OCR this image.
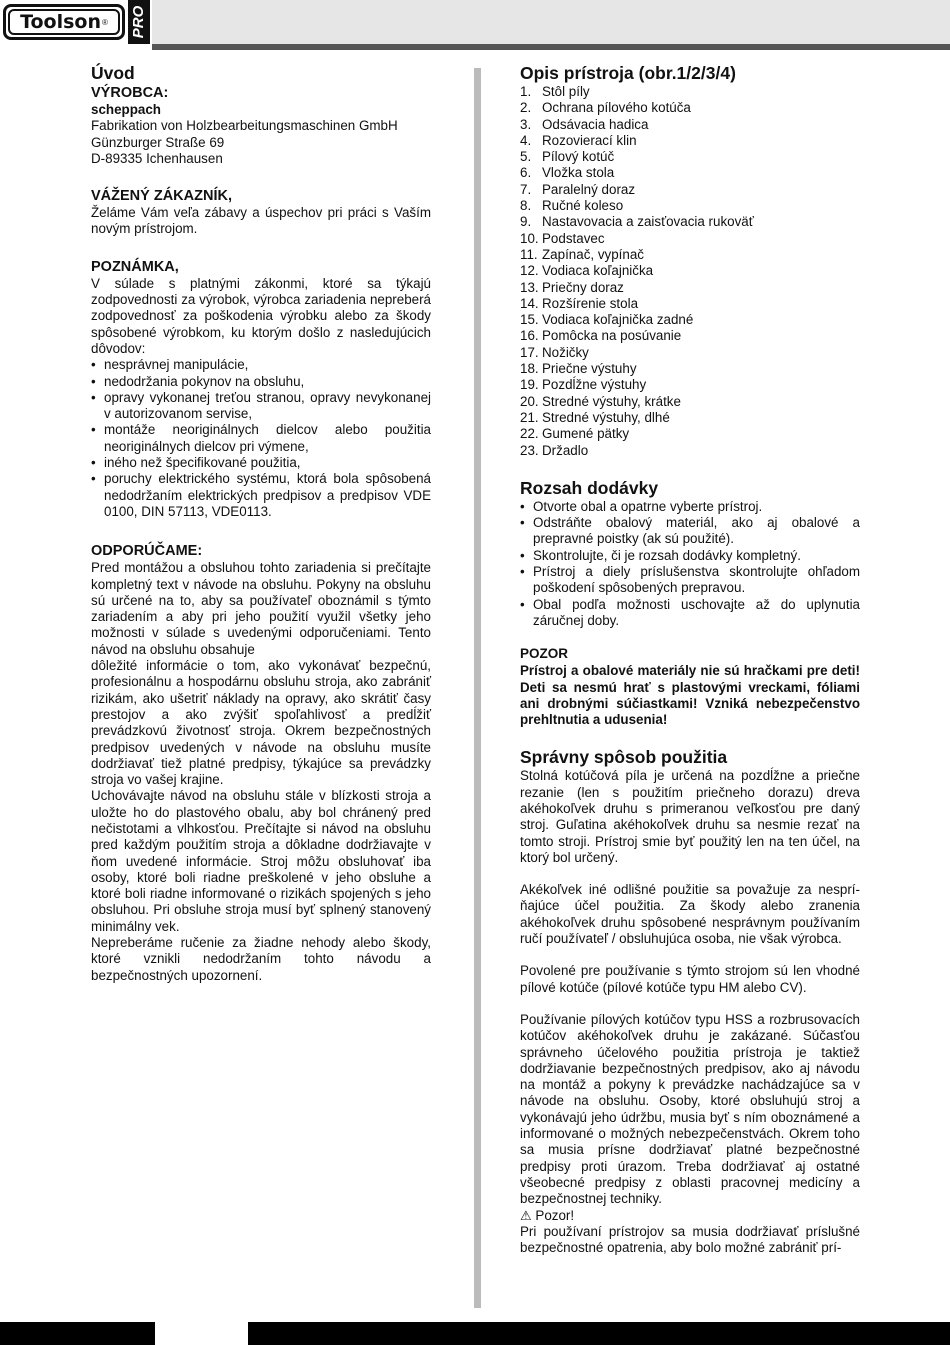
Toolson ® PRO
Úvod
VÝROBCA:
scheppach
Fabrikation von Holzbearbeitungsmaschinen GmbH
Günzburger Straße 69
D-89335 Ichenhausen
VÁŽENÝ ZÁKAZNÍK,

Želáme Vám veľa zábavy a úspechov pri práci s Vaším novým prístrojom.

POZNÁMKA,

V súlade s platnými zákonmi, ktoré sa týkajú zodpovednosti za výrobok, výrobca zariadenia nepreberá zodpovednosť za poškodenia výrobku alebo za škody spôsobené výrobkom, ku ktorým došlo z nasledujúcich dôvodov:

• nesprávnej manipulácie,
• nedodržania pokynov na obsluhu,
• opravy vykonanej treťou stranou, opravy nevykonanej v autorizovanom servise,
• montáže neoriginálnych dielcov alebo použitia neoriginálnych dielcov pri výmene,
• iného než špecifikované použitia,
• poruchy elektrického systému, ktorá bola spôsobená nedodržaním elektrických predpisov a predpisov VDE 0100, DIN 57113, VDE0113.
ODPORÚČAME:

Pred montážou a obsluhou tohto zariadenia si prečítajte kompletný text v návode na obsluhu. Pokyny na obsluhu sú určené na to, aby sa používateľ oboznámil s týmto zariadením a aby pri jeho použití využil všetky jeho možnosti v súlade s uvedenými odporučeniami. Tento návod na obsluhu obsahuje

dôležité informácie o tom, ako vykonávať bezpečnú, profesionálnu a hospodárnu obsluhu stroja, ako zabrániť rizikám, ako ušetriť náklady na opravy, ako skrátiť časy prestojov a ako zvýšiť spoľahlivosť a predĺžiť prevádzkovú životnosť stroja. Okrem bezpečnostných predpisov uvedených v návode na obsluhu musíte dodržiavať tiež platné predpisy, týkajúce sa prevádzky stroja vo vašej krajine.

Uchovávajte návod na obsluhu stále v blízkosti stroja a uložte ho do plastového obalu, aby bol chránený pred nečistotami a vlhkosťou. Prečítajte si návod na obsluhu pred každým použitím stroja a dôkladne dodržiavajte v ňom uvedené informácie. Stroj môžu obsluhovať iba osoby, ktoré boli riadne preškolené v jeho obsluhe a ktoré boli riadne informované o rizikách spojených s jeho obsluhou. Pri obsluhe stroja musí byť splnený stanovený minimálny vek.

Nepreberáme ručenie za žiadne nehody alebo škody, ktoré vznikli nedodržaním tohto návodu a bezpečnostných upozornení.

Opis prístroja (obr.1/2/3/4)
1. Stôl píly
2. Ochrana pílového kotúča
3. Odsávacia hadica
4. Rozovierací klin
5. Pílový kotúč
6. Vložka stola
7. Paralelný doraz
8. Ručné koleso
9. Nastavovacia a zaisťovacia rukoväť
10. Podstavec
11. Zapínač, vypínač
12. Vodiaca koľajnička
13. Priečny doraz
14. Rozšírenie stola
15. Vodiaca koľajnička zadné
16. Pomôcka na posúvanie
17. Nožičky
18. Priečne výstuhy
19. Pozdĺžne výstuhy
20. Stredné výstuhy, krátke
21. Stredné výstuhy, dlhé
22. Gumené pätky
23. Držadlo
Rozsah dodávky
• Otvorte obal a opatrne vyberte prístroj.
• Odstráňte obalový materiál, ako aj obalové a prepravné poistky (ak sú použité).
• Skontrolujte, či je rozsah dodávky kompletný.
• Prístroj a diely príslušenstva skontrolujte ohľadom poškodení spôsobených prepravou.
• Obal podľa možnosti uschovajte až do uplynutia záručnej doby.
POZOR

Prístroj a obalové materiály nie sú hračkami pre deti! Deti sa nesmú hrať s plastovými vreckami, fóliami ani drobnými súčiastkami! Vzniká nebezpečenstvo prehltnutia a udusenia!

Správny spôsob použitia

Stolná kotúčová píla je určená na pozdĺžne a priečne rezanie (len s použitím priečneho dorazu) dreva akéhokoľvek druhu s primeranou veľkosťou pre daný stroj. Guľatina akéhokoľvek druhu sa nesmie rezať na tomto stroji. Prístroj smie byť použitý len na ten účel, na ktorý bol určený.

Akékoľvek iné odlišné použitie sa považuje za nespríňajúce účel použitia. Za škody alebo zranenia akéhokoľvek druhu spôsobené nesprávnym používaním ručí používateľ / obsluhujúca osoba, nie však výrobca.

Povolené pre používanie s týmto strojom sú len vhodné pílové kotúče (pílové kotúče typu HM alebo CV).

Používanie pílových kotúčov typu HSS a rozbrusovacích kotúčov akéhokoľvek druhu je zakázané. Súčasťou správneho účelového použitia prístroja je taktiež dodržiavanie bezpečnostných predpisov, ako aj návodu na montáž a pokyny k prevádzke nachádzajúce sa v návode na obsluhu. Osoby, ktoré obsluhujú stroj a vykonávajú jeho údržbu, musia byť s ním oboznámené a informované o možných nebezpečenstvách. Okrem toho sa musia prísne dodržiavať platné bezpečnostné predpisy proti úrazom. Treba dodržiavať aj ostatné všeobecné predpisy z oblasti pracovnej medicíny a bezpečnostnej techniky.

⚠ Pozor!

Pri používaní prístrojov sa musia dodržiavať príslušné bezpečnostné opatrenia, aby bolo možné zabrániť prí-
